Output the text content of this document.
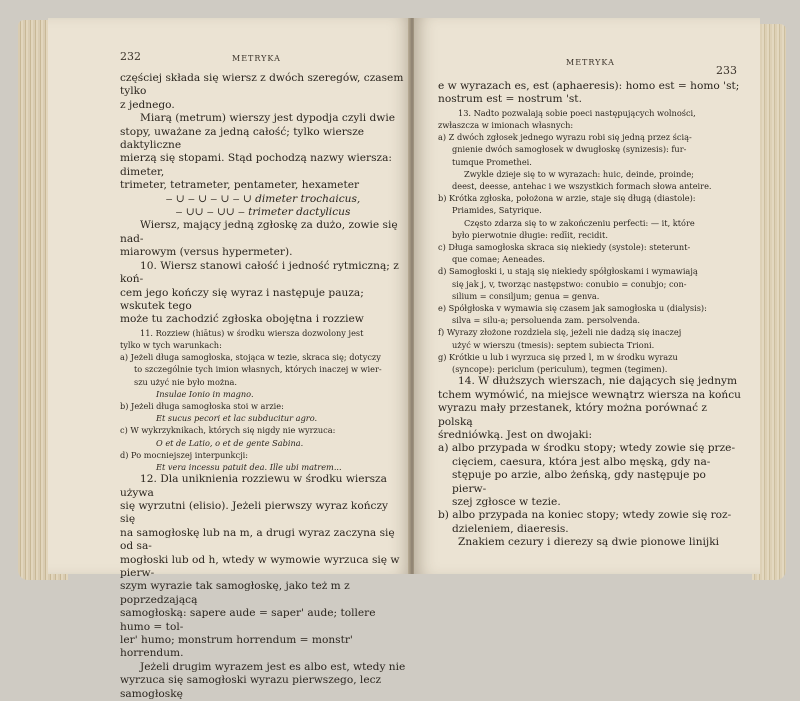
232	METRYKA
częściej składa się wiersz z dwóch szeregów, czasem tylko
z jednego.
Miarą (metrum) wierszy jest dypodja czyli dwie
stopy, uważane za jedną całość; tylko wiersze daktyliczne
mierzą się stopami. Stąd pochodzą nazwy wiersza: dimeter,
trimeter, tetrameter, pentameter, hexameter
‒ ∪ ‒ ∪ ‒ ∪ ‒ ∪ dimeter trochaicus,
‒ ∪∪ ‒ ∪∪ ‒ trimeter dactylicus
Wiersz, mający jedną zgłoskę za dużo, zowie się nad-
miarowym (versus hypermeter).
10. Wiersz stanowi całość i jedność rytmiczną; z koń-
cem jego kończy się wyraz i następuje pauza; wskutek tego
może tu zachodzić zgłoska obojętna i rozziew
11. Rozziew (hiātus) w środku wiersza dozwolony jest
tylko w tych warunkach:
a) Jeżeli długa samogłoska, stojąca w tezie, skraca się; dotyczy
to szczególnie tych imion własnych, których inaczej w wier-
szu użyć nie było można.
Insulae Ionio in magno.
b) Jeżeli długa samogłoska stoi w arzie:
Et sucus pecori et lac subducitur agro.
c) W wykrzyknikach, których się nigdy nie wyrzuca:
O et de Latio, o et de gente Sabina.
d) Po mocniejszej interpunkcji:
Et vera incessu patuit dea. Ille ubi matrem...
12. Dla uniknienia rozziewu w środku wiersza używa
się wyrzutni (elisio). Jeżeli pierwszy wyraz kończy się
na samogłoskę lub na m, a drugi wyraz zaczyna się od sa-
mogłoski lub od h, wtedy w wymowie wyrzuca się w pierw-
szym wyrazie tak samogłoskę, jako też m z poprzedzającą
samogłoską: sapere aude = saper' aude; tollere humo = tol-
ler' humo; monstrum horrendum = monstr' horrendum.
Jeżeli drugim wyrazem jest es albo est, wtedy nie
wyrzuca się samogłoski wyrazu pierwszego, lecz samogłoskę
METRYKA
233
e w wyrazach es, est (aphaeresis): homo est = homo 'st;
nostrum est = nostrum 'st.
13. Nadto pozwalają sobie poeci następujących wolności,
zwłaszcza w imionach własnych:
a) Z dwóch zgłosek jednego wyrazu robi się jedną przez ścią-
gnienie dwóch samogłosek w dwugłoskę (synizesis): fur-
tumque Promethei.
Zwykle dzieje się to w wyrazach: huic, deinde, proinde;
deest, deesse, antehac i we wszystkich formach słowa anteire.
b) Krótka zgłoska, położona w arzie, staje się długą (diastole):
Priamides, Satyrique.
Często zdarza się to w zakończeniu perfecti: — it, które
było pierwotnie długie: redīit, recidit.
c) Długa samogłoska skraca się niekiedy (systole): steterunt-
que comae; Aeneades.
d) Samogłoski i, u stają się niekiedy spółgłoskami i wymawiają
się jak j, v, tworząc następstwo: conubio = conubjo; con-
silium = consiljum; genua = genva.
e) Spółgłoska v wymawia się czasem jak samogłoska u (dialysis):
silva = silu-a; persoluenda zam. persolvenda.
f) Wyrazy złożone rozdziela się, jeżeli nie dadzą się inaczej
użyć w wierszu (tmesis): septem subiecta Trioni.
g) Krótkie u lub i wyrzuca się przed l, m w środku wyrazu
(syncope): periclum (periculum), tegmen (tegimen).
14. W dłuższych wierszach, nie dających się jednym
tchem wymówić, na miejsce wewnątrz wiersza na końcu
wyrazu mały przestanek, który można porównać z polską
średniówką. Jest on dwojaki:
a) albo przypada w środku stopy; wtedy zowie się prze-
cięciem, caesura, która jest albo męską, gdy na-
stępuje po arzie, albo żeńską, gdy następuje po pierw-
szej zgłosce w tezie.
b) albo przypada na koniec stopy; wtedy zowie się roz-
dzieleniem, diaeresis.
Znakiem cezury i dierezy są dwie pionowe linijki
